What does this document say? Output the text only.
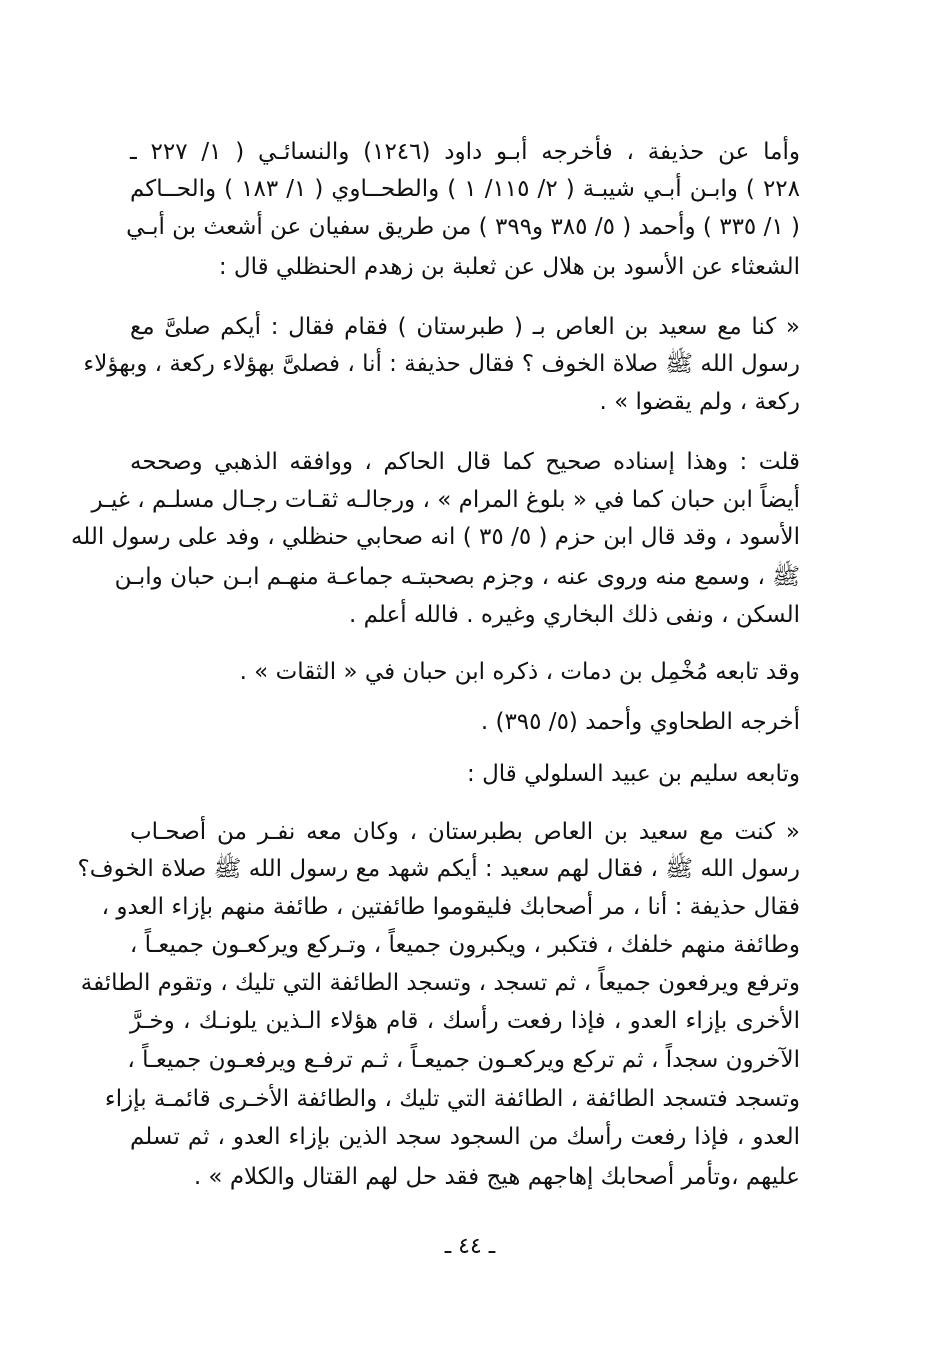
وأما عن حذيفة ، فأخرجه أبـو داود (١٢٤٦) والنسائـي ( ١/ ٢٢٧ ـ
٢٢٨ ) وابـن أبـي شيبـة ( ٢/ ١١٥/ ١ ) والطحــاوي ( ١/ ١٨٣ ) والحــاكم
( ١/ ٣٣٥ ) وأحمد ( ٥/ ٣٨٥ و٣٩٩ ) من طريق سفيان عن أشعث بن أبـي
الشعثاء عن الأسود بن هلال عن ثعلبة بن زهدم الحنظلي قال :
« كنا مع سعيد بن العاص بـ ( طبرستان ) فقام فقال : أيكم صلىَّ مع
رسول الله ﷺ صلاة الخوف ؟ فقال حذيفة : أنا ، فصلىَّ بهؤلاء ركعة ، وبهؤلاء
ركعة ، ولم يقضوا » .
قلت : وهذا إسناده صحيح كما قال الحاكم ، ووافقه الذهبي وصححه
أيضاً ابن حبان كما في « بلوغ المرام » ، ورجالـه ثقـات رجـال مسلـم ، غيـر
الأسود ، وقد قال ابن حزم ( ٥/ ٣٥ ) انه صحابي حنظلي ، وفد على رسول الله
ﷺ ، وسمع منه وروى عنه ، وجزم بصحبتـه جماعـة منهـم ابـن حبان وابـن
السكن ، ونفى ذلك البخاري وغيره . فالله أعلم .
وقد تابعه مُخْمِل بن دمات ، ذكره ابن حبان في « الثقات » .
أخرجه الطحاوي وأحمد (٥/ ٣٩٥) .
وتابعه سليم بن عبيد السلولي قال :
« كنت مع سعيد بن العاص بطبرستان ، وكان معه نفـر من أصحـاب
رسول الله ﷺ ، فقال لهم سعيد : أيكم شهد مع رسول الله ﷺ صلاة الخوف؟
فقال حذيفة : أنا ، مر أصحابك فليقوموا طائفتين ، طائفة منهم بإزاء العدو ،
وطائفة منهم خلفك ، فتكبر ، ويكبرون جميعاً ، وتـركع ويركعـون جميعـاً ،
وترفع ويرفعون جميعاً ، ثم تسجد ، وتسجد الطائفة التي تليك ، وتقوم الطائفة
الأخرى بإزاء العدو ، فإذا رفعت رأسك ، قام هؤلاء الـذين يلونـك ، وخـرَّ
الآخرون سجداً ، ثم تركع ويركعـون جميعـاً ، ثـم ترفـع ويرفعـون جميعـاً ،
وتسجد فتسجد الطائفة ، الطائفة التي تليك ، والطائفة الأخـرى قائمـة بإزاء
العدو ، فإذا رفعت رأسك من السجود سجد الذين بإزاء العدو ، ثم تسلم
عليهم ،وتأمر أصحابك إهاجهم هيج فقد حل لهم القتال والكلام » .
ـ ٤٤ ـ
